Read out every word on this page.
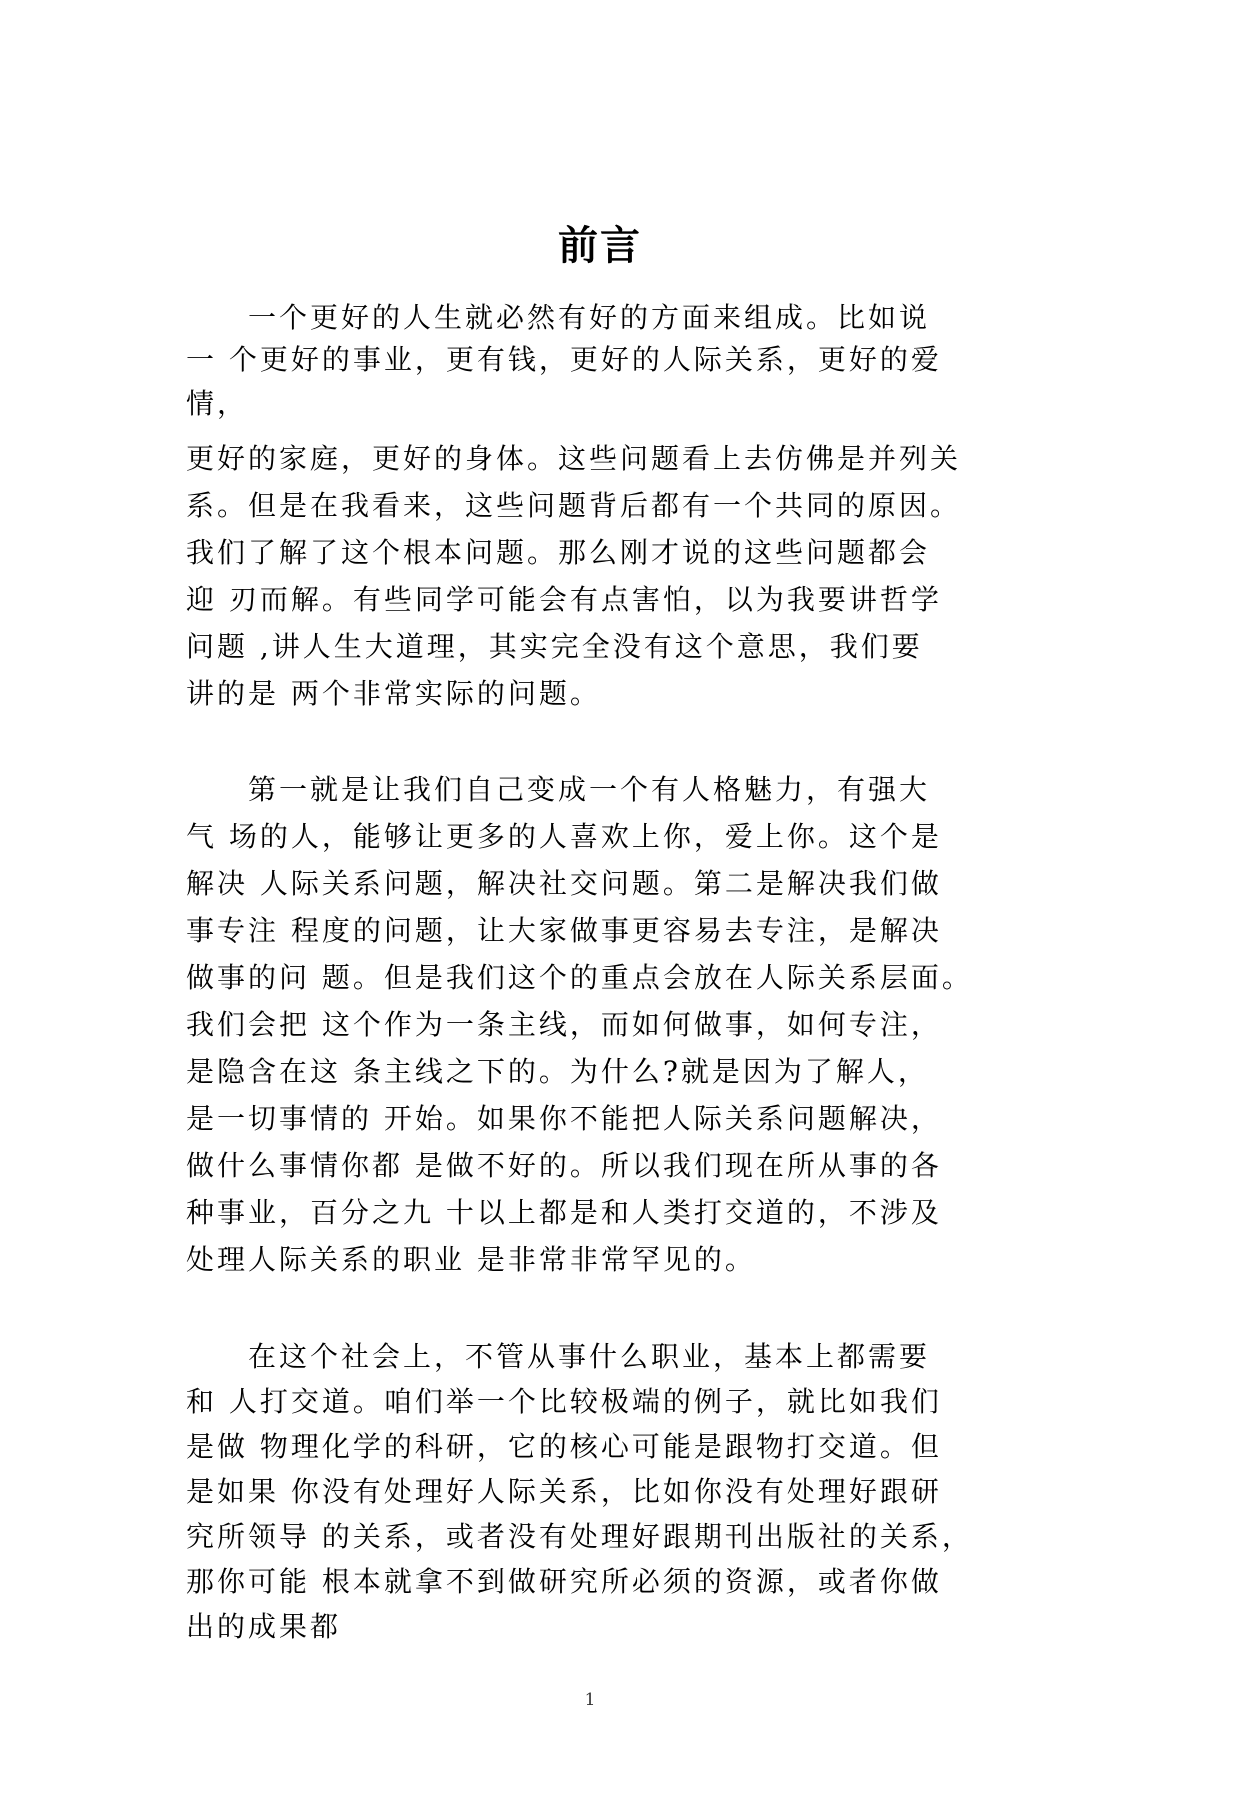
前言
一个更好的人生就必然有好的方面来组成。比如说
一 个更好的事业，更有钱，更好的人际关系，更好的爱
情，
更好的家庭，更好的身体。这些问题看上去仿佛是并列关
系。但是在我看来，这些问题背后都有一个共同的原因。
我们了解了这个根本问题。那么刚才说的这些问题都会
迎 刃而解。有些同学可能会有点害怕，以为我要讲哲学
问题 ,讲人生大道理，其实完全没有这个意思，我们要
讲的是 两个非常实际的问题。
第一就是让我们自己变成一个有人格魅力，有强大
气 场的人，能够让更多的人喜欢上你，爱上你。这个是
解决 人际关系问题，解决社交问题。第二是解决我们做
事专注 程度的问题，让大家做事更容易去专注，是解决
做事的问 题。但是我们这个的重点会放在人际关系层面。
我们会把 这个作为一条主线，而如何做事，如何专注，
是隐含在这 条主线之下的。为什么?就是因为了解人，
是一切事情的 开始。如果你不能把人际关系问题解决，
做什么事情你都 是做不好的。所以我们现在所从事的各
种事业，百分之九 十以上都是和人类打交道的，不涉及
处理人际关系的职业 是非常非常罕见的。
在这个社会上，不管从事什么职业，基本上都需要
和 人打交道。咱们举一个比较极端的例子，就比如我们
是做 物理化学的科研，它的核心可能是跟物打交道。但
是如果 你没有处理好人际关系，比如你没有处理好跟研
究所领导 的关系，或者没有处理好跟期刊出版社的关系，
那你可能 根本就拿不到做研究所必须的资源，或者你做
出的成果都
1
